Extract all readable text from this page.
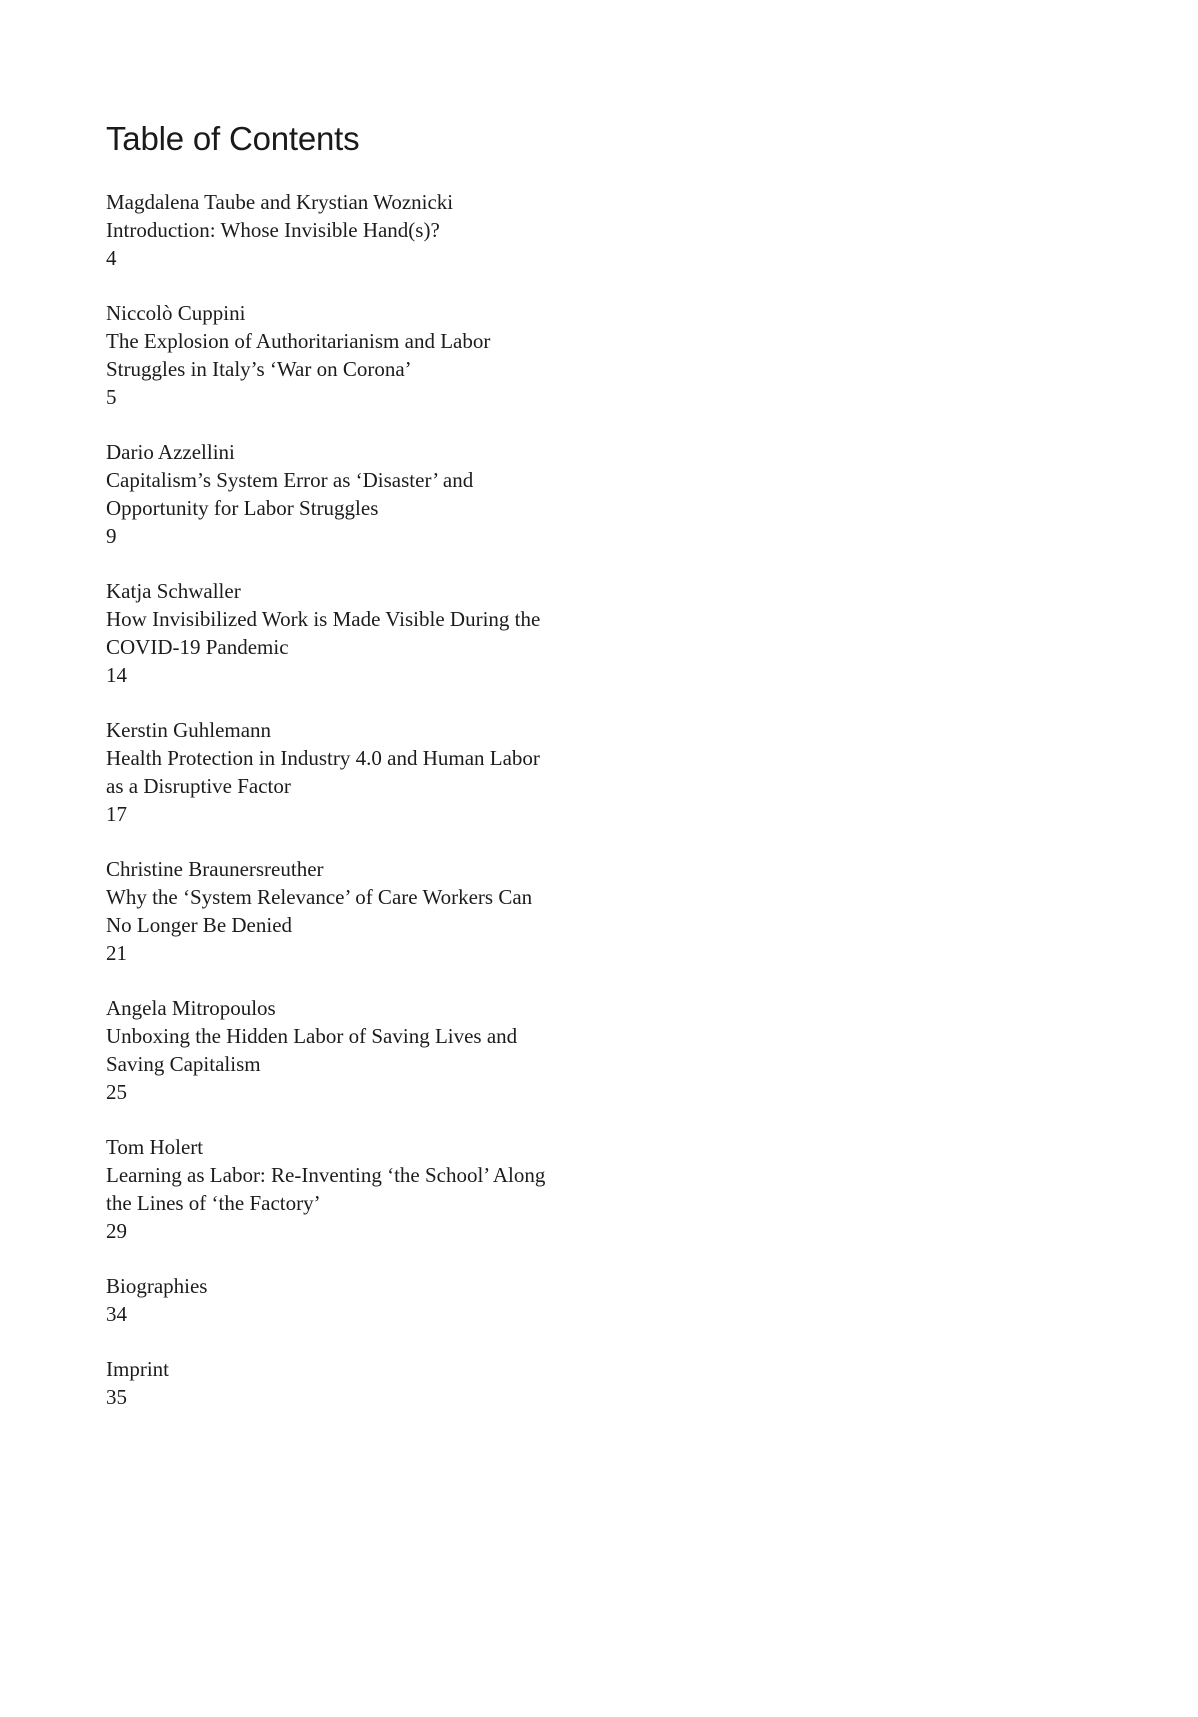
Table of Contents
Magdalena Taube and Krystian Woznicki
Introduction: Whose Invisible Hand(s)?
4
Niccolò Cuppini
The Explosion of Authoritarianism and Labor
Struggles in Italy’s ‘War on Corona’
5
Dario Azzellini
Capitalism’s System Error as ‘Disaster’ and
Opportunity for Labor Struggles
9
Katja Schwaller
How Invisibilized Work is Made Visible During the
COVID-19 Pandemic
14
Kerstin Guhlemann
Health Protection in Industry 4.0 and Human Labor
as a Disruptive Factor
17
Christine Braunersreuther
Why the ‘System Relevance’ of Care Workers Can
No Longer Be Denied
21
Angela Mitropoulos
Unboxing the Hidden Labor of Saving Lives and
Saving Capitalism
25
Tom Holert
Learning as Labor: Re-Inventing ‘the School’ Along
the Lines of ‘the Factory’
29
Biographies
34
Imprint
35
